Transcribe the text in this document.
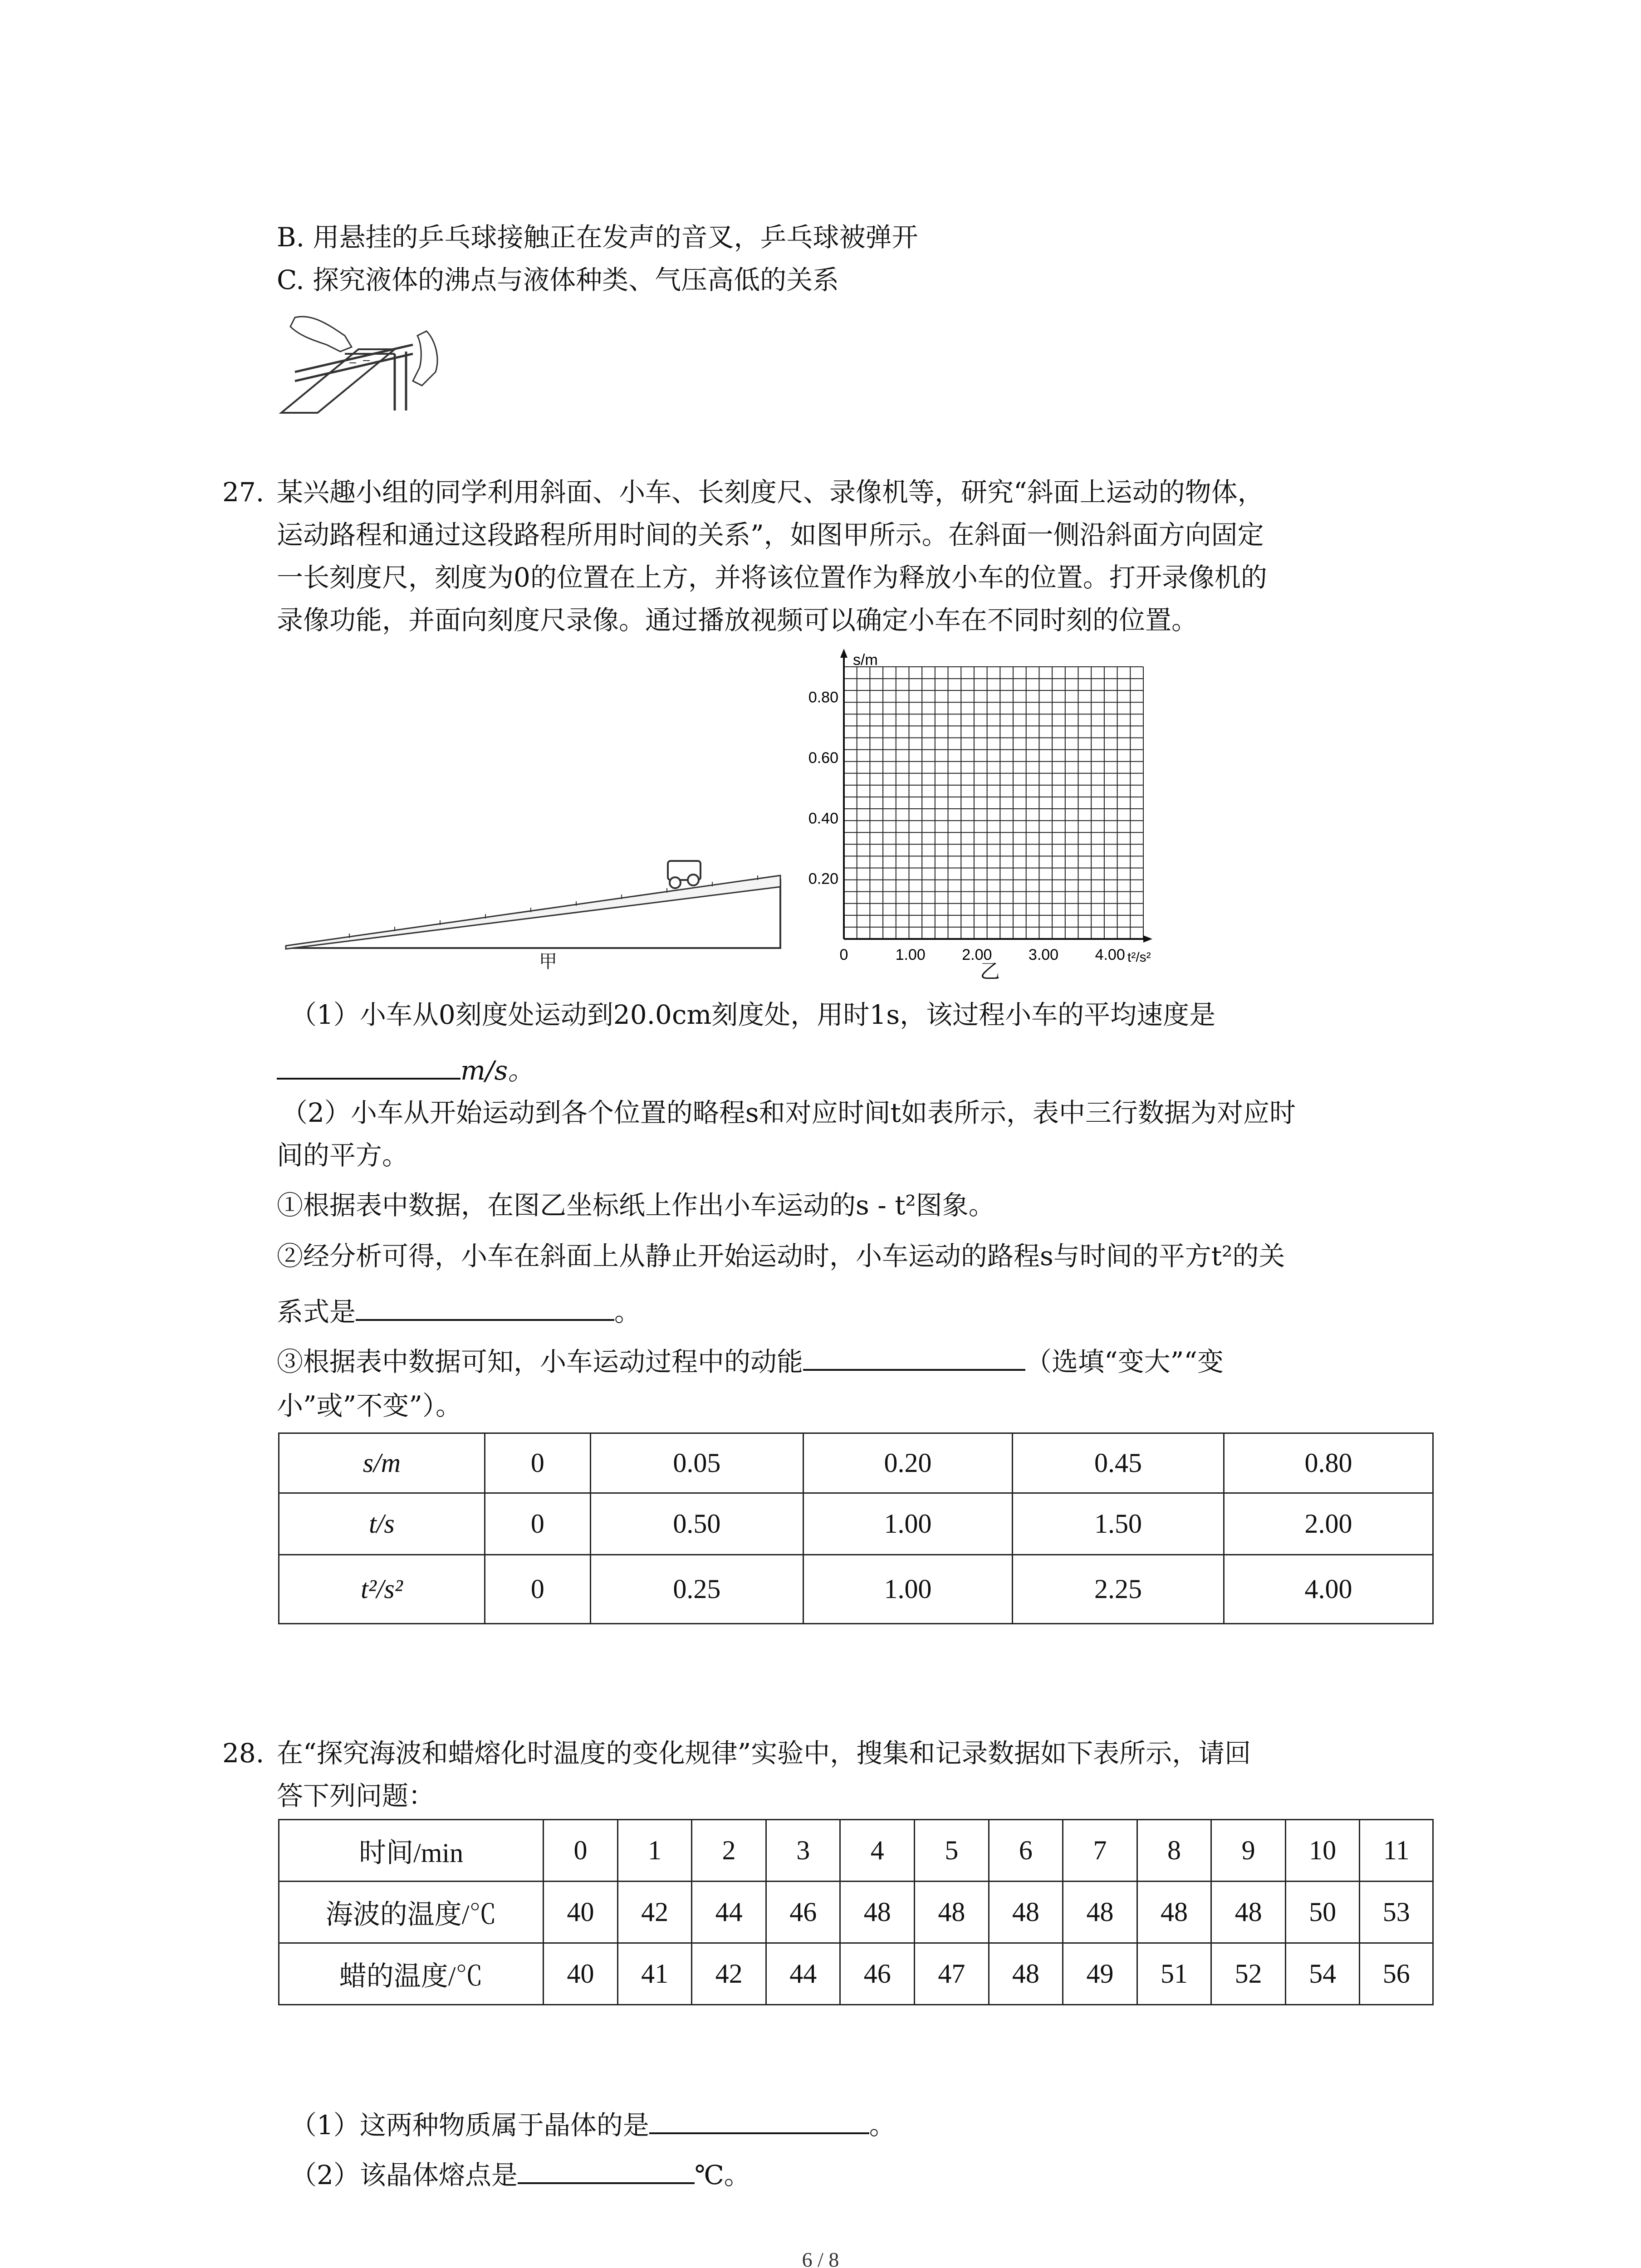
B. 用悬挂的乒乓球接触正在发声的音叉，乒乓球被弹开
C. 探究液体的沸点与液体种类、气压高低的关系
27. 某兴趣小组的同学利用斜面、小车、长刻度尺、录像机等，研究“斜面上运动的物体，
运动路程和通过这段路程所用时间的关系”，如图甲所示。在斜面一侧沿斜面方向固定
一长刻度尺，刻度为0的位置在上方，并将该位置作为释放小车的位置。打开录像机的
录像功能，并面向刻度尺录像。通过播放视频可以确定小车在不同时刻的位置。
甲
s/m
0.80
0.60
0.40
0.20
1.00 2.00 3.00 4.00
0	t²/s²
乙
（1）小车从0刻度处运动到20.0cm刻度处，用时1s，该过程小车的平均速度是
m/s。
（2）小车从开始运动到各个位置的略程s和对应时间t如表所示，表中三行数据为对应时
间的平方。
①根据表中数据，在图乙坐标纸上作出小车运动的s - t²图象。
②经分析可得，小车在斜面上从静止开始运动时，小车运动的路程s与时间的平方t²的关
系式是	。
③根据表中数据可知，小车运动过程中的动能	（选填“变大”“变
小”或”不变”）。
s/m	0	0.05	0.20	0.45	0.80
t/s	0	0.50	1.00	1.50	2.00
t²/s²	0	0.25	1.00	2.25	4.00
28. 在“探究海波和蜡熔化时温度的变化规律”实验中，搜集和记录数据如下表所示，请回
答下列问题：
时间/min	0	1	2	3	4	5	6	7	8	9	10	11
海波的温度/℃	40	42	44	46	48	48	48	48	48	48	50	53
蜡的温度/℃	40	41	42	44	46	47	48	49	51	52	54	56
（1）这两种物质属于晶体的是	。
（2）该晶体熔点是	℃。
6 / 8
